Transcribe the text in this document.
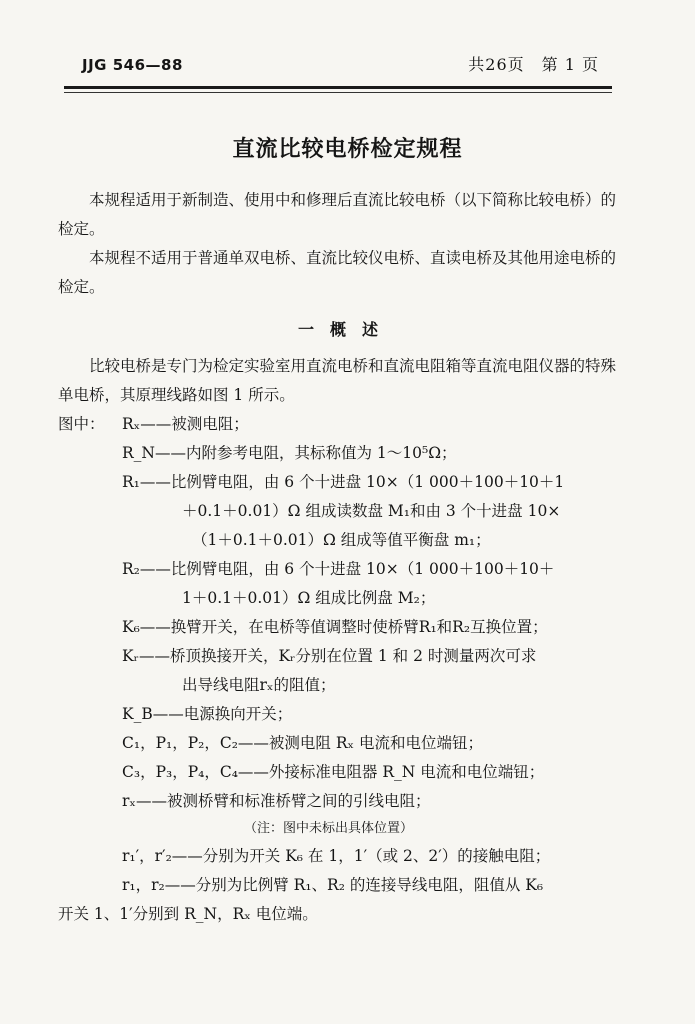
JJG 546—88	共26页　第 1 页
直流比较电桥检定规程

本规程适用于新制造、使用中和修理后直流比较电桥（以下简称比较电桥）的检定。

本规程不适用于普通单双电桥、直流比较仪电桥、直读电桥及其他用途电桥的检定。

一　概　述

比较电桥是专门为检定实验室用直流电桥和直流电阻箱等直流电阻仪器的特殊单电桥，其原理线路如图 1 所示。

图中：	Rₓ——被测电阻；
R_N——内附参考电阻，其标称值为 1～10⁵Ω；
R₁——比例臂电阻，由 6 个十进盘 10×（1 000＋100＋10＋1
＋0.1＋0.01）Ω 组成读数盘 M₁和由 3 个十进盘 10×
（1＋0.1＋0.01）Ω 组成等值平衡盘 m₁；
R₂——比例臂电阻，由 6 个十进盘 10×（1 000＋100＋10＋
1＋0.1＋0.01）Ω 组成比例盘 M₂；
K₆——换臂开关，在电桥等值调整时使桥臂R₁和R₂互换位置；
Kᵣ——桥顶换接开关，Kᵣ分别在位置 1 和 2 时测量两次可求
出导线电阻rₓ的阻值；
K_B——电源换向开关；
C₁，P₁，P₂，C₂——被测电阻 Rₓ 电流和电位端钮；
C₃，P₃，P₄，C₄——外接标准电阻器 R_N 电流和电位端钮；
rₓ——被测桥臂和标准桥臂之间的引线电阻；
（注：图中未标出具体位置）
r₁′，r′₂——分别为开关 K₆ 在 1，1′（或 2、2′）的接触电阻；
r₁，r₂——分别为比例臂 R₁、R₂ 的连接导线电阻，阻值从 K₆
开关 1、1′分别到 R_N，Rₓ 电位端。
